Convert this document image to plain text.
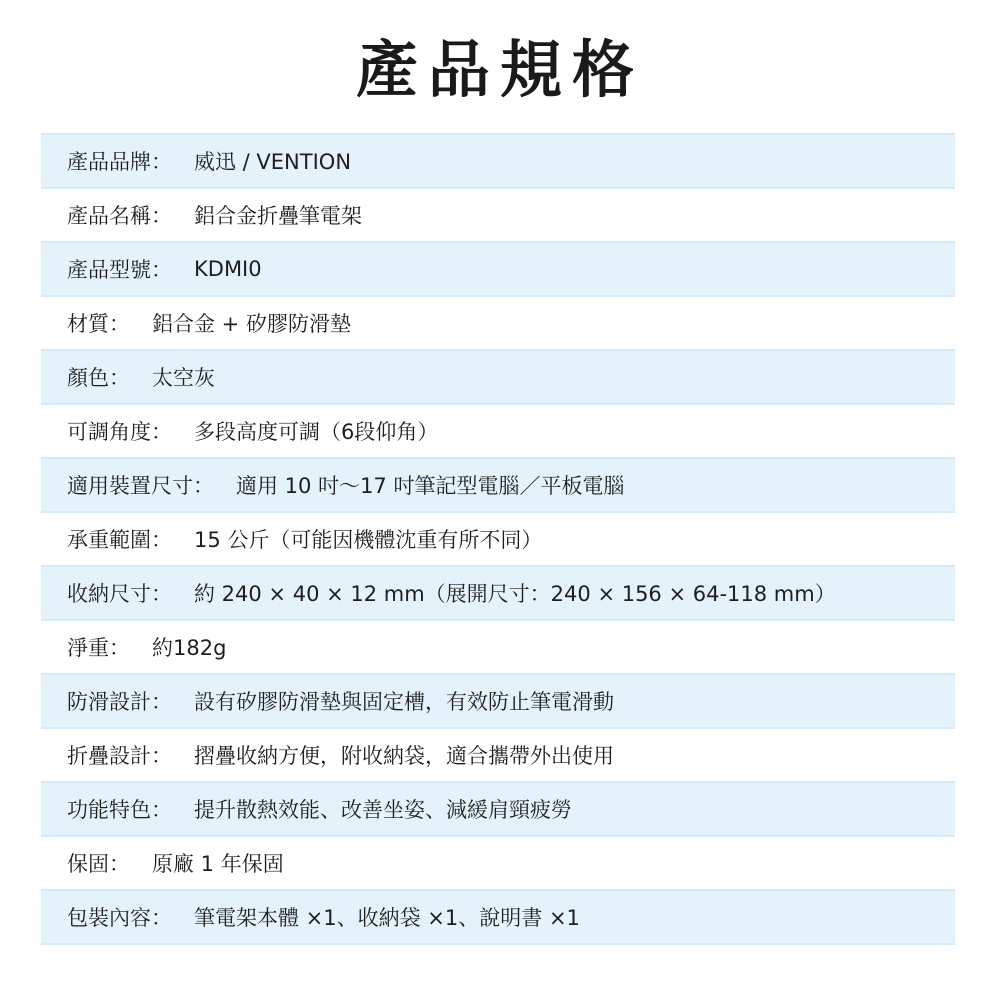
產品規格
產品品牌： 威迅 / VENTION
產品名稱： 鋁合金折疊筆電架
產品型號： KDMI0
材質： 鋁合金 + 矽膠防滑墊
顏色： 太空灰
可調角度： 多段高度可調（6段仰角）
適用裝置尺寸： 適用 10 吋～17 吋筆記型電腦／平板電腦
承重範圍： 15 公斤（可能因機體沈重有所不同）
收納尺寸： 約 240 × 40 × 12 mm（展開尺寸：240 × 156 × 64-118 mm）
淨重： 約182g
防滑設計： 設有矽膠防滑墊與固定槽，有效防止筆電滑動
折疊設計： 摺疊收納方便，附收納袋，適合攜帶外出使用
功能特色： 提升散熱效能、改善坐姿、減緩肩頸疲勞
保固： 原廠 1 年保固
包裝內容： 筆電架本體 ×1、收納袋 ×1、說明書 ×1
